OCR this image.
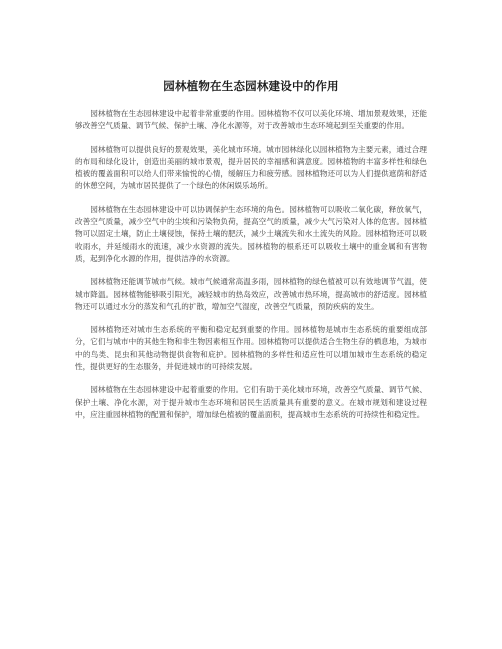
园林植物在生态园林建设中的作用

园林植物在生态园林建设中起着非常重要的作用。园林植物不仅可以美化环境、增加景观效果，还能够改善空气质量、调节气候、保护土壤、净化水源等，对于改善城市生态环境起到至关重要的作用。

园林植物可以提供良好的景观效果，美化城市环境。城市园林绿化以园林植物为主要元素，通过合理的布局和绿化设计，创造出美丽的城市景观，提升居民的幸福感和满意度。园林植物的丰富多样性和绿色植被的覆盖面积可以给人们带来愉悦的心情，缓解压力和疲劳感。园林植物还可以为人们提供遮荫和舒适的休憩空间，为城市居民提供了一个绿色的休闲娱乐场所。

园林植物在生态园林建设中可以协调保护生态环境的角色。园林植物可以吸收二氧化碳，释放氧气，改善空气质量，减少空气中的尘埃和污染物负荷，提高空气的质量，减少大气污染对人体的危害。园林植物可以固定土壤，防止土壤侵蚀，保持土壤的肥沃，减少土壤流失和水土流失的风险。园林植物还可以吸收雨水，并延缓雨水的流速，减少水资源的流失。园林植物的根系还可以吸收土壤中的重金属和有害物质，起到净化水源的作用，提供洁净的水资源。

园林植物还能调节城市气候。城市气候通常高温多雨，园林植物的绿色植被可以有效地调节气温，使城市降温。园林植物能够吸引阳光，减轻城市的热岛效应，改善城市热环境，提高城市的舒适度。园林植物还可以通过水分的蒸发和气孔的扩散，增加空气湿度，改善空气质量，预防疾病的发生。

园林植物还对城市生态系统的平衡和稳定起到重要的作用。园林植物是城市生态系统的重要组成部分，它们与城市中的其他生物和非生物因素相互作用。园林植物可以提供适合生物生存的栖息地，为城市中的鸟类、昆虫和其他动物提供食物和庇护。园林植物的多样性和适应性可以增加城市生态系统的稳定性，提供更好的生态服务，并促进城市的可持续发展。

园林植物在生态园林建设中起着重要的作用。它们有助于美化城市环境，改善空气质量、调节气候、保护土壤、净化水源，对于提升城市生态环境和居民生活质量具有重要的意义。在城市规划和建设过程中，应注重园林植物的配置和保护，增加绿色植被的覆盖面积，提高城市生态系统的可持续性和稳定性。
